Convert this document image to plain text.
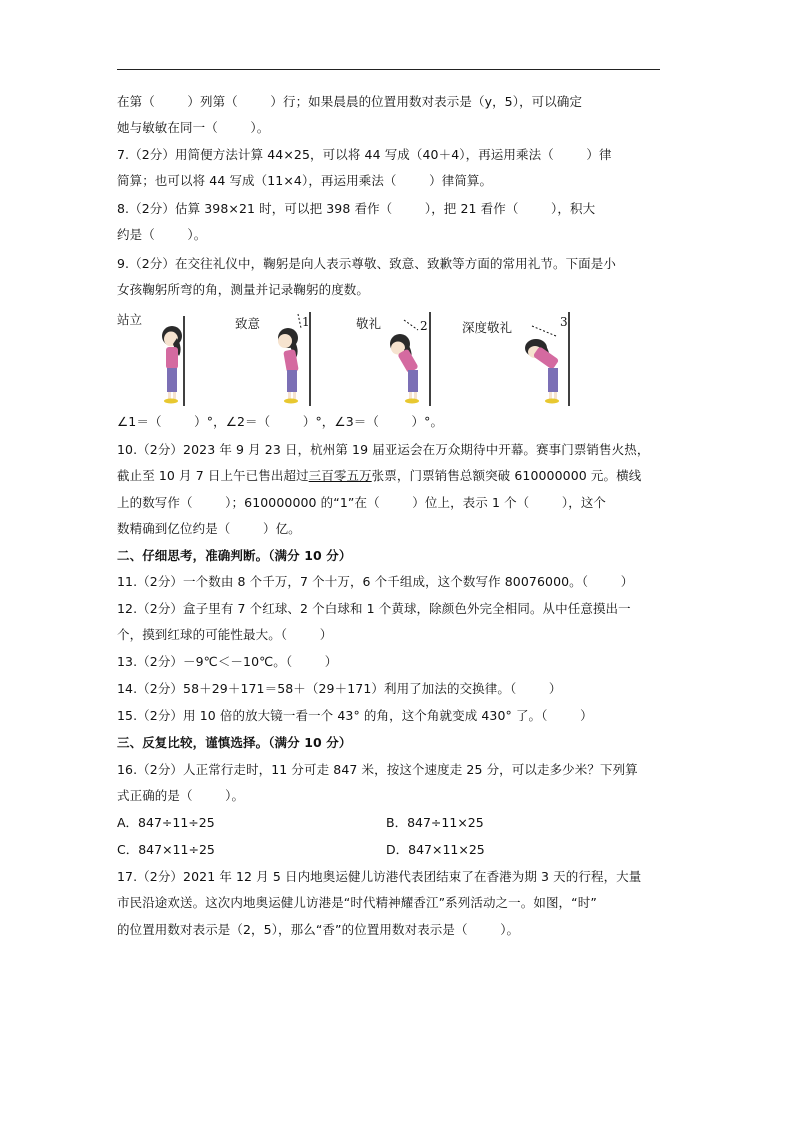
在第（        ）列第（        ）行；如果晨晨的位置用数对表示是（y，5），可以确定
她与敏敏在同一（        ）。
7.（2分）用简便方法计算 44×25，可以将 44 写成（40＋4），再运用乘法（        ）律
简算；也可以将 44 写成（11×4），再运用乘法（        ）律简算。
8.（2分）估算 398×21 时，可以把 398 看作（        ），把 21 看作（        ），积大
约是（        ）。
9.（2分）在交往礼仪中，鞠躬是向人表示尊敬、致意、致歉等方面的常用礼节。下面是小
女孩鞠躬所弯的角，测量并记录鞠躬的度数。
站立	致意	1	敬礼	2	深度敬礼	3
∠1＝（        ）°，∠2＝（        ）°，∠3＝（        ）°。
10.（2分）2023 年 9 月 23 日，杭州第 19 届亚运会在万众期待中开幕。赛事门票销售火热，
截止至 10 月 7 日上午已售出超过三百零五万张票，门票销售总额突破 610000000 元。横线
上的数写作（        ）；610000000 的“1”在（        ）位上，表示 1 个（        ），这个
数精确到亿位约是（        ）亿。
二、仔细思考，准确判断。（满分 10 分）
11.（2分）一个数由 8 个千万，7 个十万，6 个千组成，这个数写作 80076000。（        ）
12.（2分）盒子里有 7 个红球、2 个白球和 1 个黄球，除颜色外完全相同。从中任意摸出一
个，摸到红球的可能性最大。（        ）
13.（2分）－9℃＜－10℃。（        ）
14.（2分）58＋29＋171＝58＋（29＋171）利用了加法的交换律。（        ）
15.（2分）用 10 倍的放大镜一看一个 43° 的角，这个角就变成 430° 了。（        ）
三、反复比较，谨慎选择。（满分 10 分）
16.（2分）人正常行走时，11 分可走 847 米，按这个速度走 25 分，可以走多少米？下列算
式正确的是（        ）。
A．847÷11÷25	B．847÷11×25
C．847×11÷25	D．847×11×25
17.（2分）2021 年 12 月 5 日内地奥运健儿访港代表团结束了在香港为期 3 天的行程，大量
市民沿途欢送。这次内地奥运健儿访港是“时代精神耀香江”系列活动之一。如图，“时”
的位置用数对表示是（2，5），那么“香”的位置用数对表示是（        ）。
